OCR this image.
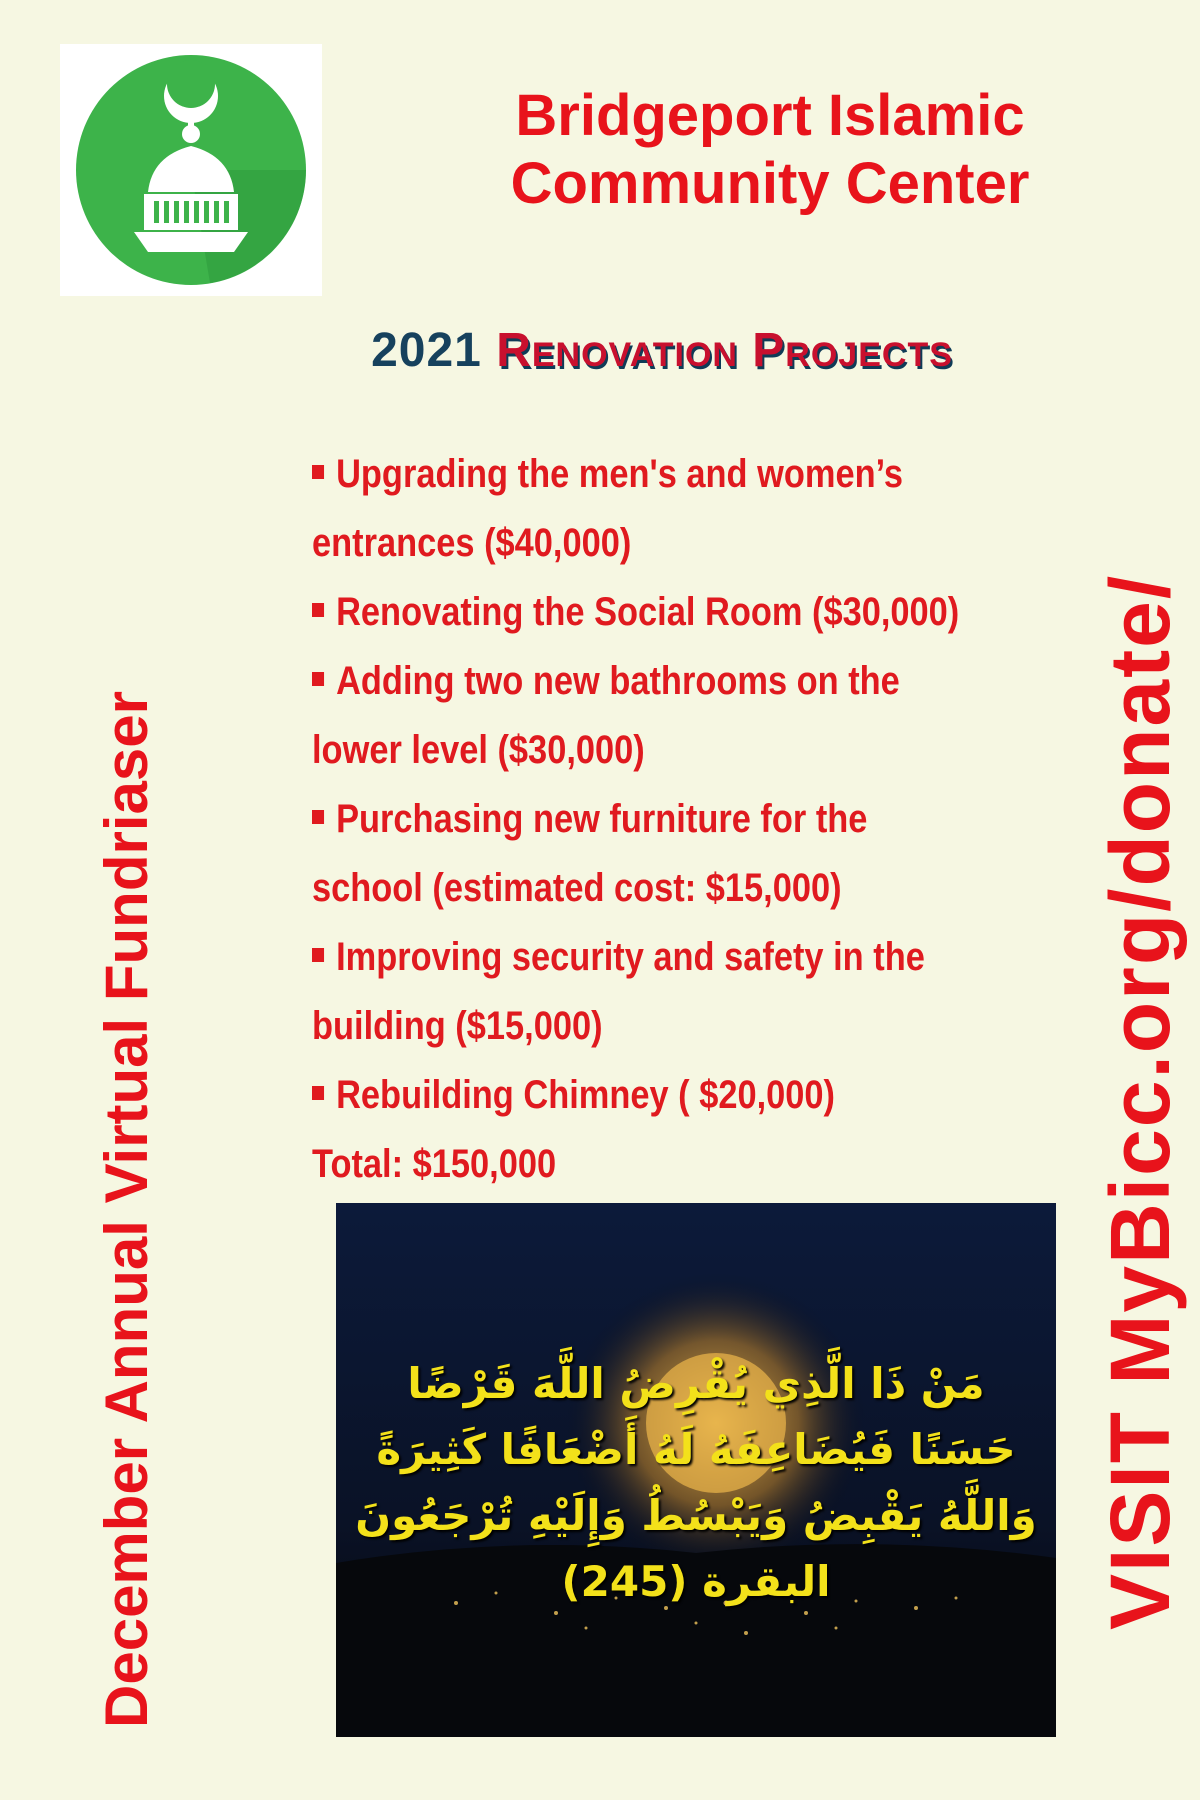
Bridgeport Islamic
Community Center
2021 Renovation Projects
Upgrading the men's and women’s entrances ($40,000)
Renovating the Social Room ($30,000)
Adding two new bathrooms on the lower level ($30,000)
Purchasing new furniture for the school (estimated cost: $15,000)
Improving security and safety in the building ($15,000)
Rebuilding Chimney ( $20,000)
Total: $150,000
December Annual Virtual Fundriaser	VISIT MyBicc.org/donate/
مَنْ ذَا الَّذِي يُقْرِضُ اللَّهَ قَرْضًا
حَسَنًا فَيُضَاعِفَهُ لَهُ أَضْعَافًا كَثِيرَةً
وَاللَّهُ يَقْبِضُ وَيَبْسُطُ وَإِلَيْهِ تُرْجَعُونَ
البقرة (245)
